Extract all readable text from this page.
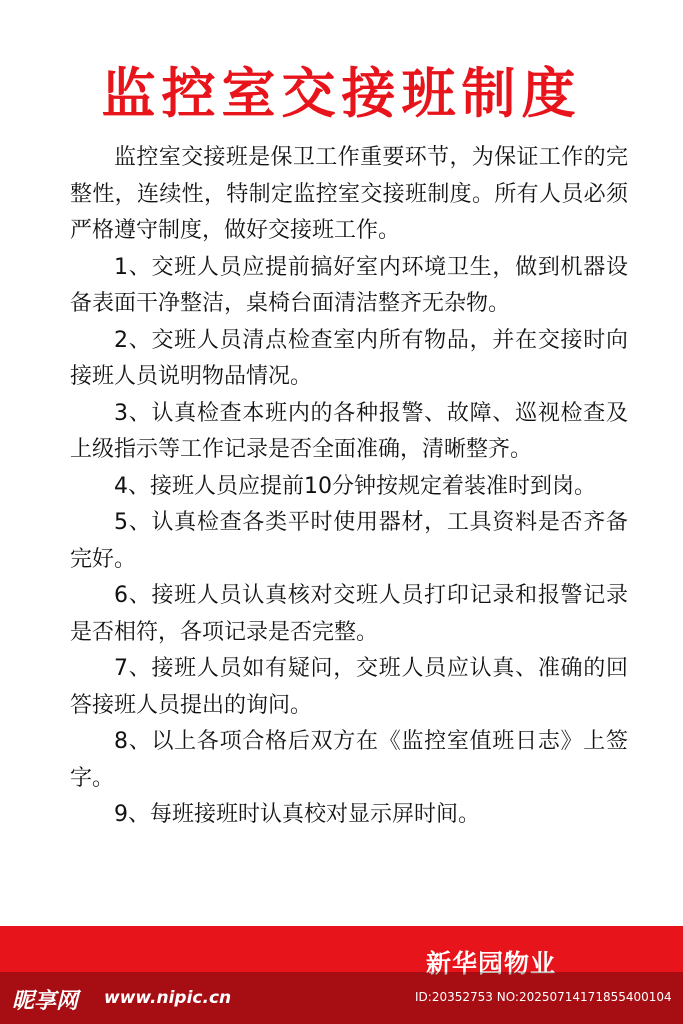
监控室交接班制度

监控室交接班是保卫工作重要环节，为保证工作的完整性，连续性，特制定监控室交接班制度。所有人员必须严格遵守制度，做好交接班工作。

1、交班人员应提前搞好室内环境卫生，做到机器设备表面干净整洁，桌椅台面清洁整齐无杂物。

2、交班人员清点检查室内所有物品，并在交接时向接班人员说明物品情况。

3、认真检查本班内的各种报警、故障、巡视检查及上级指示等工作记录是否全面准确，清晰整齐。

4、接班人员应提前10分钟按规定着装准时到岗。

5、认真检查各类平时使用器材，工具资料是否齐备完好。

6、接班人员认真核对交班人员打印记录和报警记录是否相符，各项记录是否完整。

7、接班人员如有疑问，交班人员应认真、准确的回答接班人员提出的询问。

8、以上各项合格后双方在《监控室值班日志》上签字。

9、每班接班时认真校对显示屏时间。

新华园物业
昵享网 www.nipic.cn	ID:20352753 NO:20250714171855400104
